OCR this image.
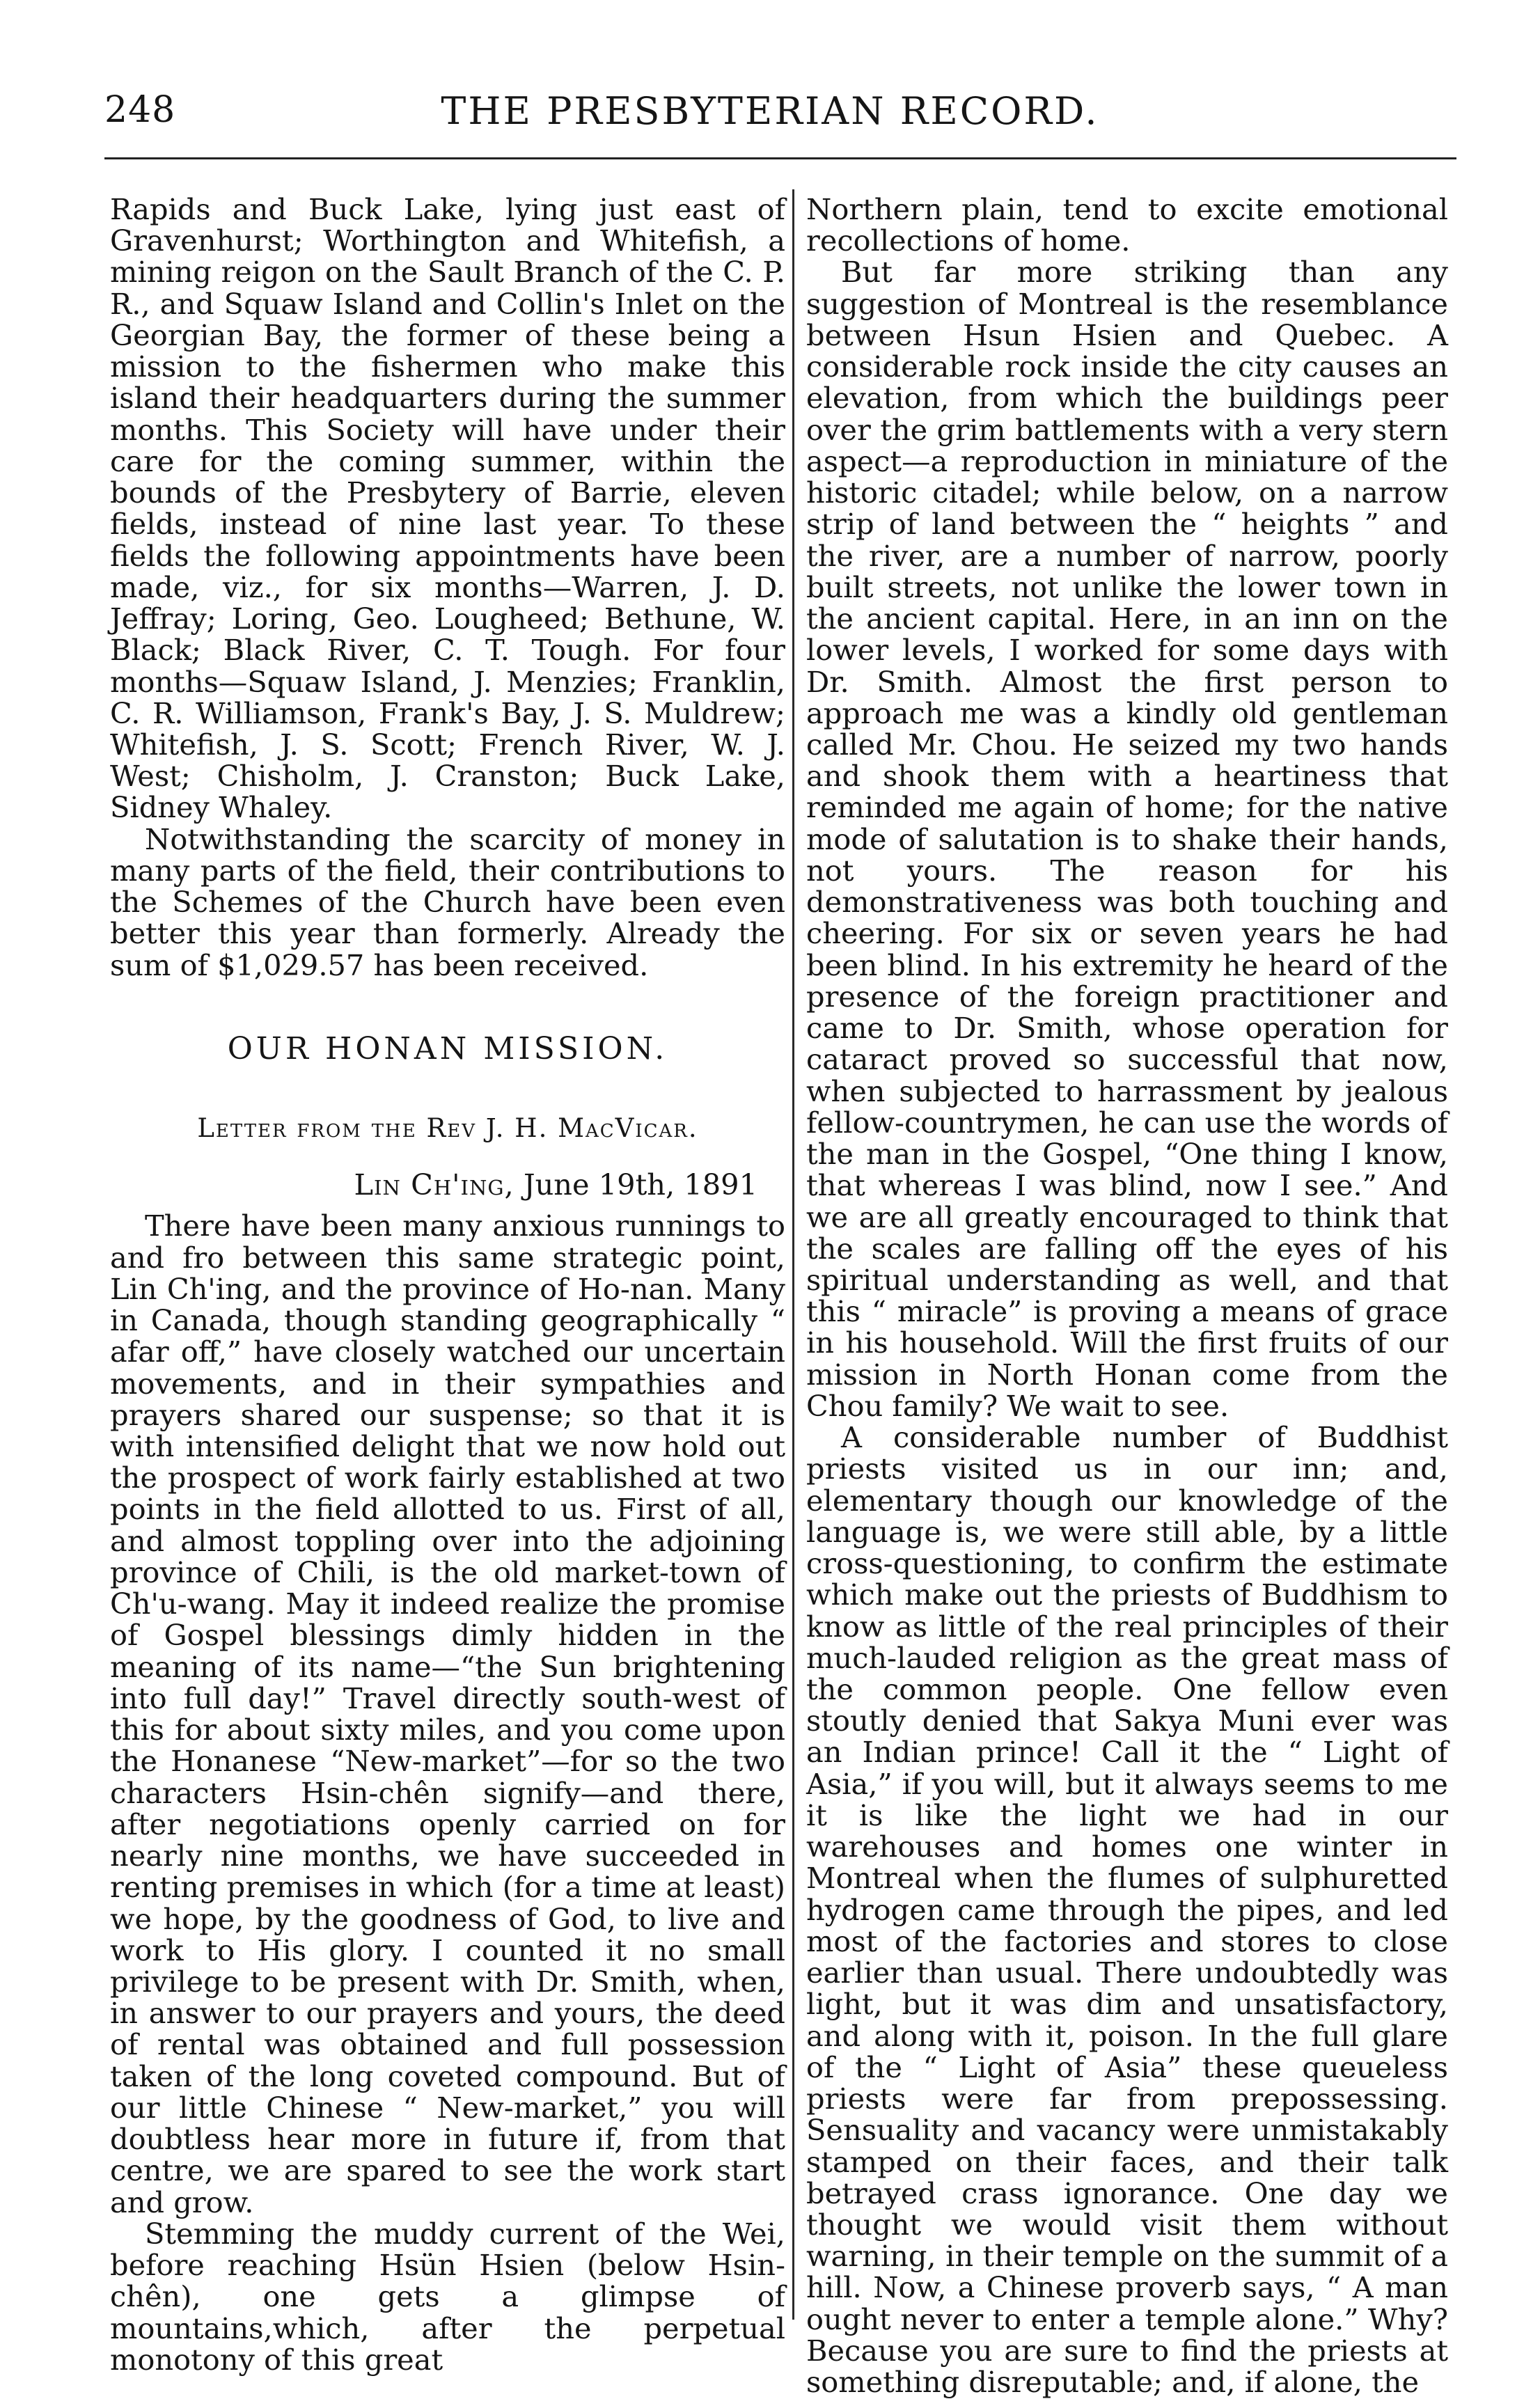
248	THE PRESBYTERIAN RECORD.

Rapids and Buck Lake, lying just east of Gravenhurst; Worthington and Whitefish, a mining reigon on the Sault Branch of the C. P. R., and Squaw Island and Collin's Inlet on the Georgian Bay, the former of these being a mission to the fishermen who make this island their headquarters during the summer months. This Society will have under their care for the coming summer, within the bounds of the Presbytery of Barrie, eleven fields, instead of nine last year. To these fields the following appointments have been made, viz., for six months—Warren, J. D. Jeffray; Loring, Geo. Lougheed; Bethune, W. Black; Black River, C. T. Tough. For four months—Squaw Island, J. Menzies; Franklin, C. R. Williamson, Frank's Bay, J. S. Muldrew; Whitefish, J. S. Scott; French River, W. J. West; Chisholm, J. Cranston; Buck Lake, Sidney Whaley.

Notwithstanding the scarcity of money in many parts of the field, their contributions to the Schemes of the Church have been even better this year than formerly. Already the sum of $1,029.57 has been received.

OUR HONAN MISSION.
Letter from the Rev J. H. MacVicar.
Lin Ch'ing, June 19th, 1891

There have been many anxious runnings to and fro between this same strategic point, Lin Ch'ing, and the province of Ho-nan. Many in Canada, though standing geographically “ afar off,” have closely watched our uncertain movements, and in their sympathies and prayers shared our suspense; so that it is with intensified delight that we now hold out the prospect of work fairly established at two points in the field allotted to us. First of all, and almost toppling over into the adjoining province of Chili, is the old market-town of Ch'u-wang. May it indeed realize the promise of Gospel blessings dimly hidden in the meaning of its name—“the Sun brightening into full day!” Travel directly south-west of this for about sixty miles, and you come upon the Honanese “New-market”—for so the two characters Hsin-chên signify—and there, after negotiations openly carried on for nearly nine months, we have succeeded in renting premises in which (for a time at least) we hope, by the goodness of God, to live and work to His glory. I counted it no small privilege to be present with Dr. Smith, when, in answer to our prayers and yours, the deed of rental was obtained and full possession taken of the long coveted compound. But of our little Chinese “ New-market,” you will doubtless hear more in future if, from that centre, we are spared to see the work start and grow.

Stemming the muddy current of the Wei, before reaching Hsün Hsien (below Hsin-chên), one gets a glimpse of mountains,which, after the perpetual monotony of this great

Northern plain, tend to excite emotional recollections of home.

But far more striking than any suggestion of Montreal is the resemblance between Hsun Hsien and Quebec. A considerable rock inside the city causes an elevation, from which the buildings peer over the grim battlements with a very stern aspect—a reproduction in miniature of the historic citadel; while below, on a narrow strip of land between the “ heights ” and the river, are a number of narrow, poorly built streets, not unlike the lower town in the ancient capital. Here, in an inn on the lower levels, I worked for some days with Dr. Smith. Almost the first person to approach me was a kindly old gentleman called Mr. Chou. He seized my two hands and shook them with a heartiness that reminded me again of home; for the native mode of salutation is to shake their hands, not yours. The reason for his demonstrativeness was both touching and cheering. For six or seven years he had been blind. In his extremity he heard of the presence of the foreign practitioner and came to Dr. Smith, whose operation for cataract proved so successful that now, when subjected to harrassment by jealous fellow-countrymen, he can use the words of the man in the Gospel, “One thing I know, that whereas I was blind, now I see.” And we are all greatly encouraged to think that the scales are falling off the eyes of his spiritual understanding as well, and that this “ miracle” is proving a means of grace in his household. Will the first fruits of our mission in North Honan come from the Chou family? We wait to see.

A considerable number of Buddhist priests visited us in our inn; and, elementary though our knowledge of the language is, we were still able, by a little cross-questioning, to confirm the estimate which make out the priests of Buddhism to know as little of the real principles of their much-lauded religion as the great mass of the common people. One fellow even stoutly denied that Sakya Muni ever was an Indian prince! Call it the “ Light of Asia,” if you will, but it always seems to me it is like the light we had in our warehouses and homes one winter in Montreal when the flumes of sulphuretted hydrogen came through the pipes, and led most of the factories and stores to close earlier than usual. There undoubtedly was light, but it was dim and unsatisfactory, and along with it, poison. In the full glare of the “ Light of Asia” these queueless priests were far from prepossessing. Sensuality and vacancy were unmistakably stamped on their faces, and their talk betrayed crass ignorance. One day we thought we would visit them without warning, in their temple on the summit of a hill. Now, a Chinese proverb says, “ A man ought never to enter a temple alone.” Why? Because you are sure to find the priests at something disreputable; and, if alone, the
